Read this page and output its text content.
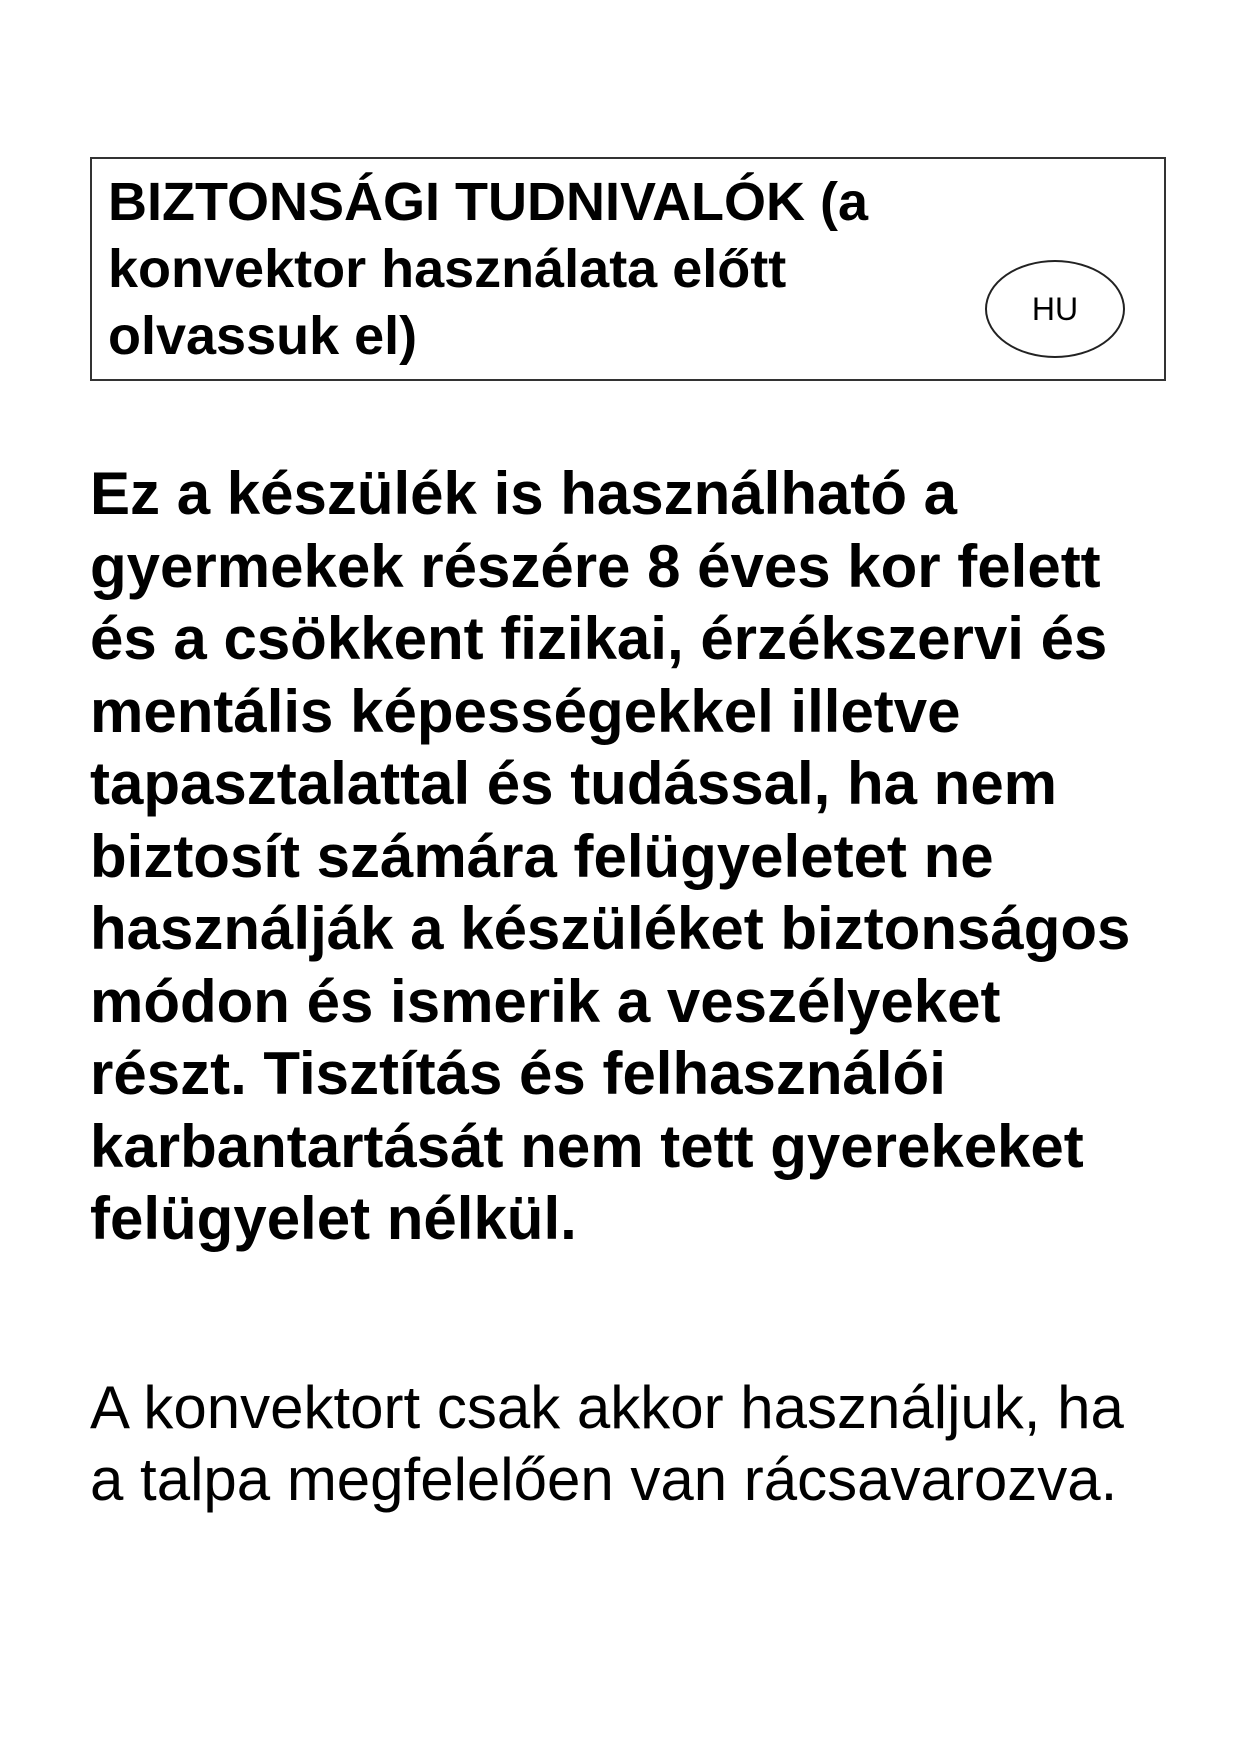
BIZTONSÁGI TUDNIVALÓK (a konvektor használata előtt olvassuk el)	HU

Ez a készülék is használható a gyermekek részére 8 éves kor felett és a csökkent fizikai, érzékszervi és mentális képességekkel illetve tapasztalattal és tudással, ha nem biztosít számára felügyeletet ne használják a készüléket biztonságos módon és ismerik a veszélyeket részt. Tisztítás és felhasználói karbantartását nem tett gyerekeket felügyelet nélkül.

A konvektort csak akkor használjuk, ha a talpa megfelelően van rácsavarozva.
